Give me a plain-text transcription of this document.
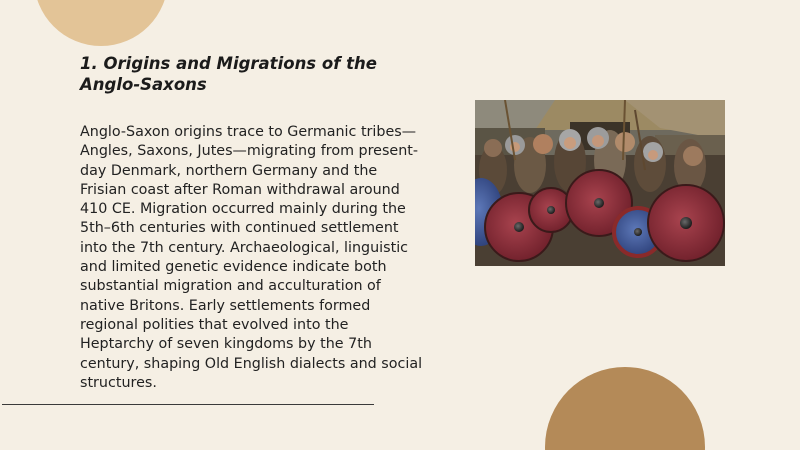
1. Origins and Migrations of the Anglo-Saxons

Anglo-Saxon origins trace to Germanic tribes—Angles, Saxons, Jutes—migrating from present-day Denmark, northern Germany and the Frisian coast after Roman withdrawal around 410 CE. Migration occurred mainly during the 5th–6th centuries with continued settlement into the 7th century. Archaeological, linguistic and limited genetic evidence indicate both substantial migration and acculturation of native Britons. Early settlements formed regional polities that evolved into the Heptarchy of seven kingdoms by the 7th century, shaping Old English dialects and social structures.
